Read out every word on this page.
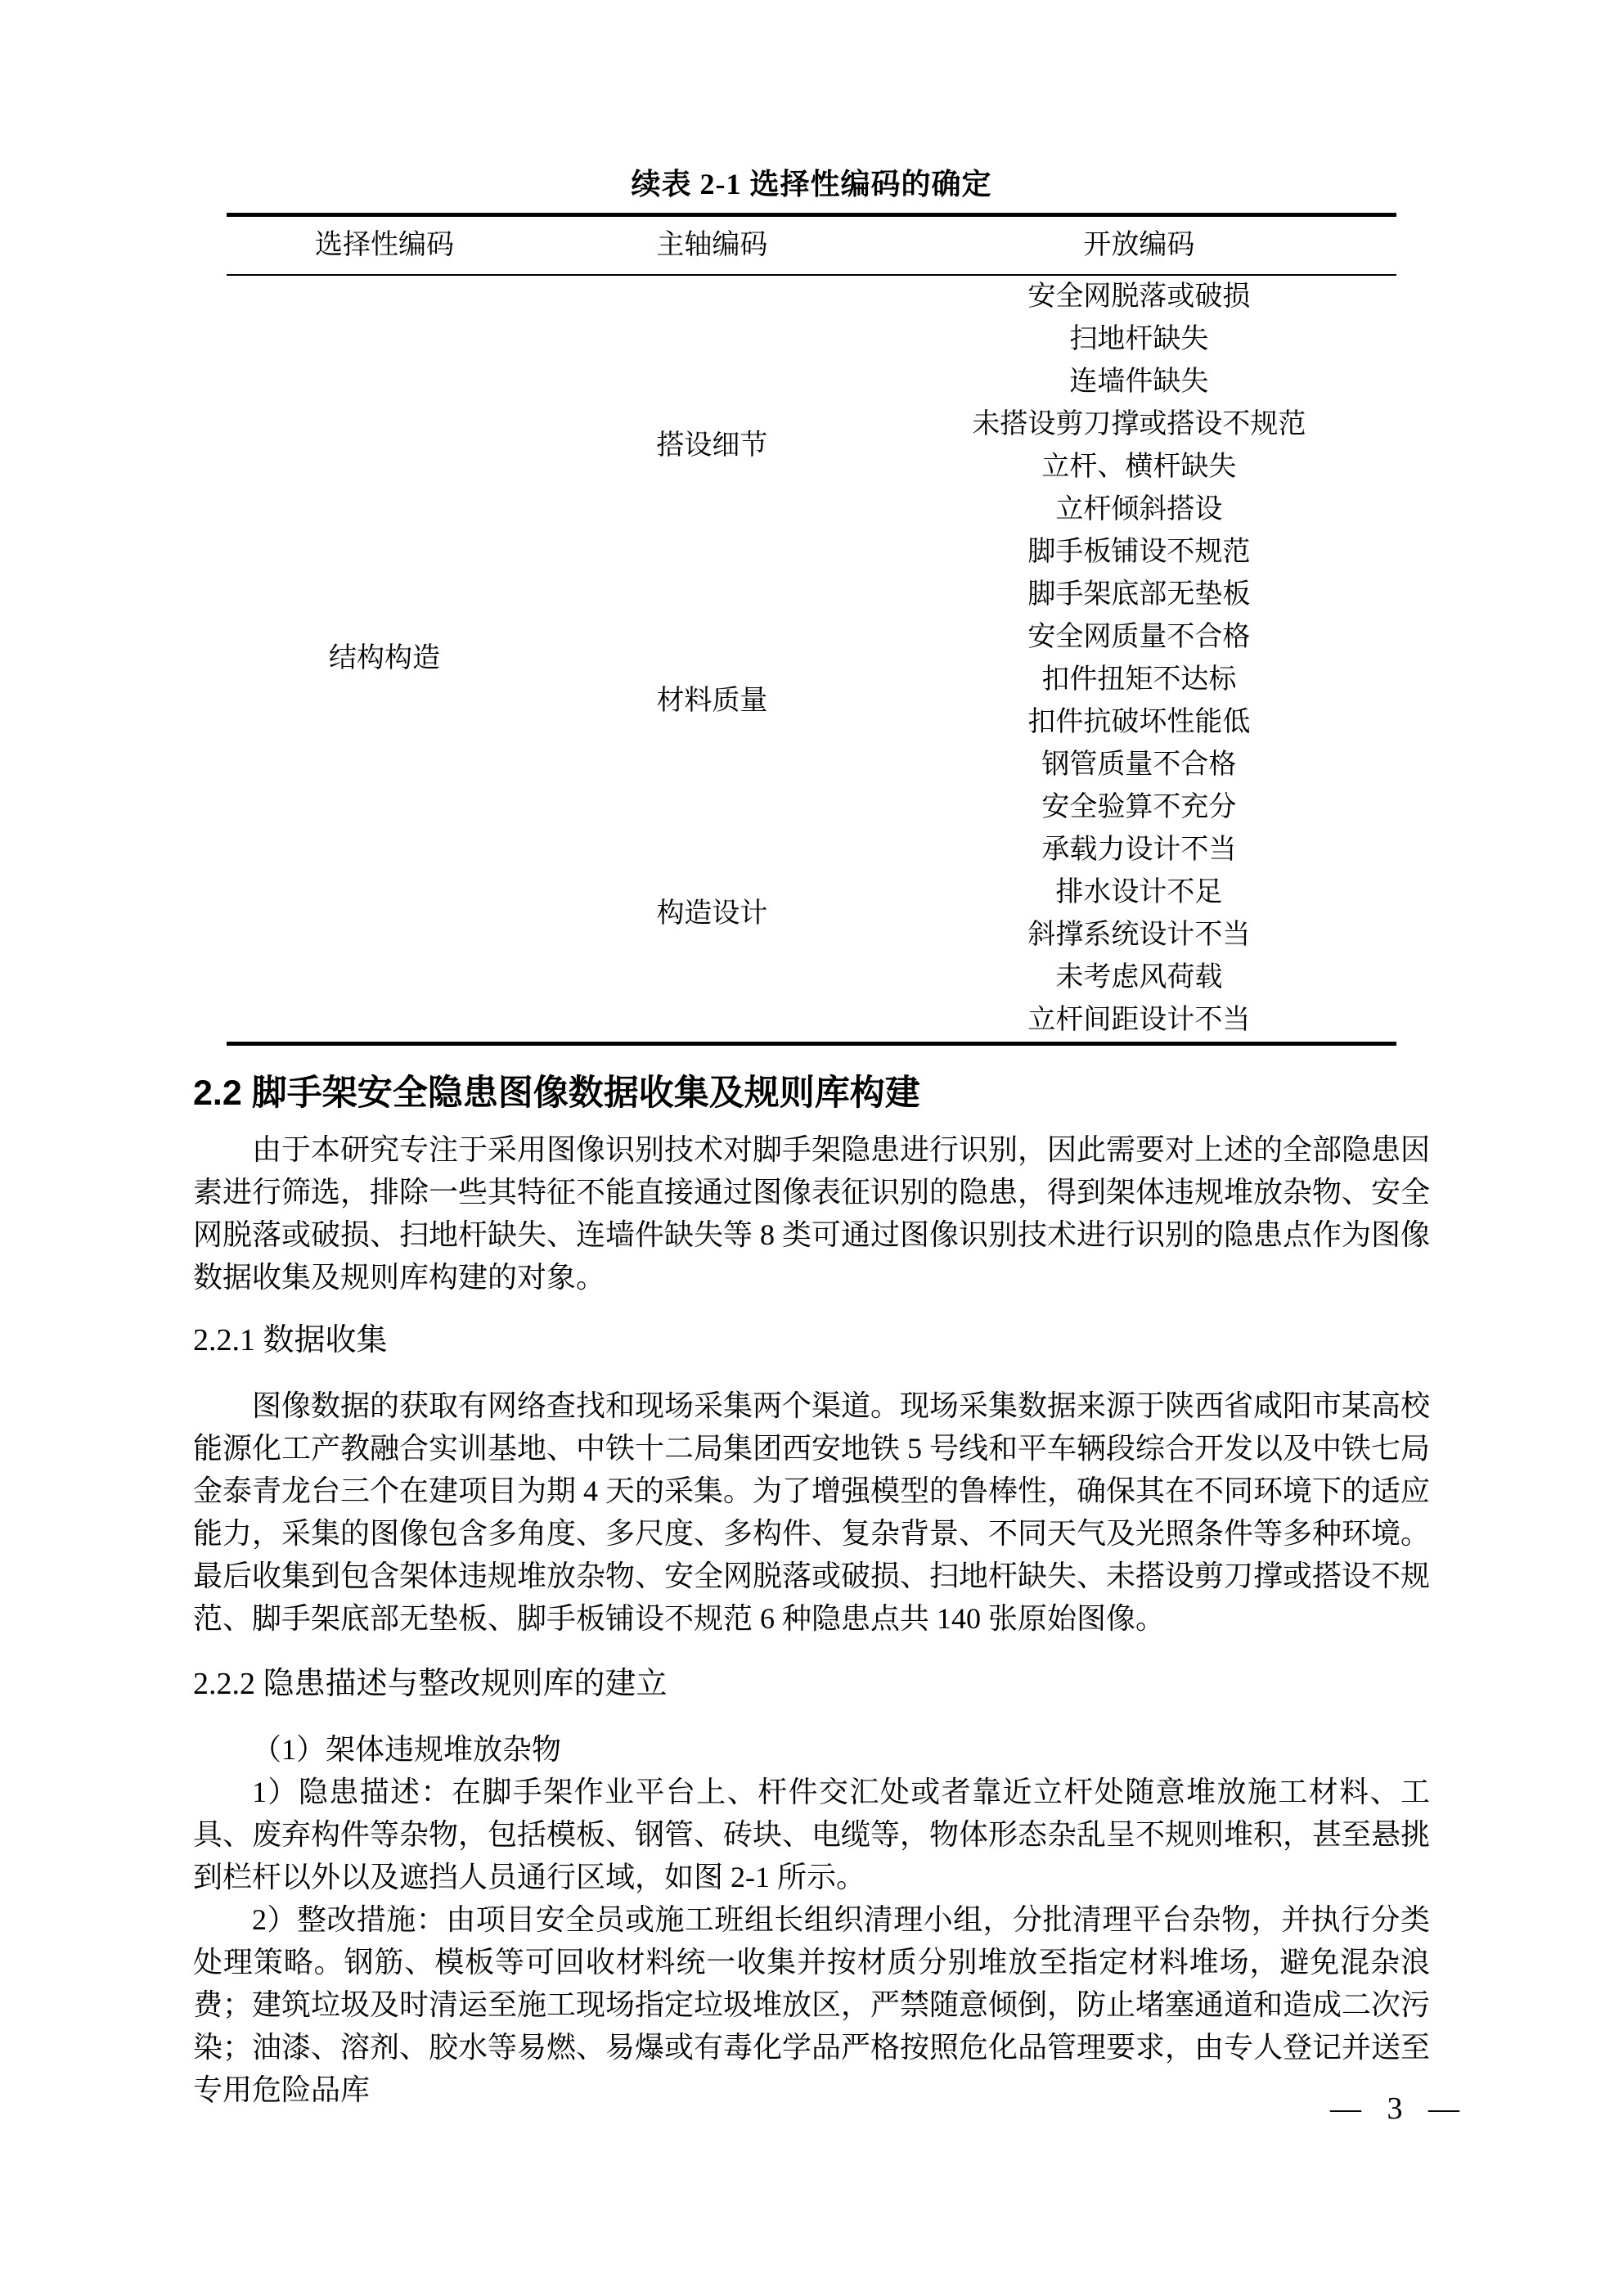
续表 2-1 选择性编码的确定
选择性编码	主轴编码	开放编码
结构构造
搭设细节
材料质量
构造设计
安全网脱落或破损
扫地杆缺失
连墙件缺失
未搭设剪刀撑或搭设不规范
立杆、横杆缺失
立杆倾斜搭设
脚手板铺设不规范
脚手架底部无垫板
安全网质量不合格
扣件扭矩不达标
扣件抗破坏性能低
钢管质量不合格
安全验算不充分
承载力设计不当
排水设计不足
斜撑系统设计不当
未考虑风荷载
立杆间距设计不当
2.2 脚手架安全隐患图像数据收集及规则库构建

由于本研究专注于采用图像识别技术对脚手架隐患进行识别，因此需要对上述的全部隐患因素进行筛选，排除一些其特征不能直接通过图像表征识别的隐患，得到架体违规堆放杂物、安全网脱落或破损、扫地杆缺失、连墙件缺失等 8 类可通过图像识别技术进行识别的隐患点作为图像数据收集及规则库构建的对象。

2.2.1 数据收集

图像数据的获取有网络查找和现场采集两个渠道。现场采集数据来源于陕西省咸阳市某高校能源化工产教融合实训基地、中铁十二局集团西安地铁 5 号线和平车辆段综合开发以及中铁七局金泰青龙台三个在建项目为期 4 天的采集。为了增强模型的鲁棒性，确保其在不同环境下的适应能力，采集的图像包含多角度、多尺度、多构件、复杂背景、不同天气及光照条件等多种环境。最后收集到包含架体违规堆放杂物、安全网脱落或破损、扫地杆缺失、未搭设剪刀撑或搭设不规范、脚手架底部无垫板、脚手板铺设不规范 6 种隐患点共 140 张原始图像。

2.2.2 隐患描述与整改规则库的建立

（1）架体违规堆放杂物

1）隐患描述：在脚手架作业平台上、杆件交汇处或者靠近立杆处随意堆放施工材料、工具、废弃构件等杂物，包括模板、钢管、砖块、电缆等，物体形态杂乱呈不规则堆积，甚至悬挑到栏杆以外以及遮挡人员通行区域，如图 2-1 所示。

2）整改措施：由项目安全员或施工班组长组织清理小组，分批清理平台杂物，并执行分类处理策略。钢筋、模板等可回收材料统一收集并按材质分别堆放至指定材料堆场，避免混杂浪费；建筑垃圾及时清运至施工现场指定垃圾堆放区，严禁随意倾倒，防止堵塞通道和造成二次污染；油漆、溶剂、胶水等易燃、易爆或有毒化学品严格按照危化品管理要求，由专人登记并送至专用危险品库

— 3 —
